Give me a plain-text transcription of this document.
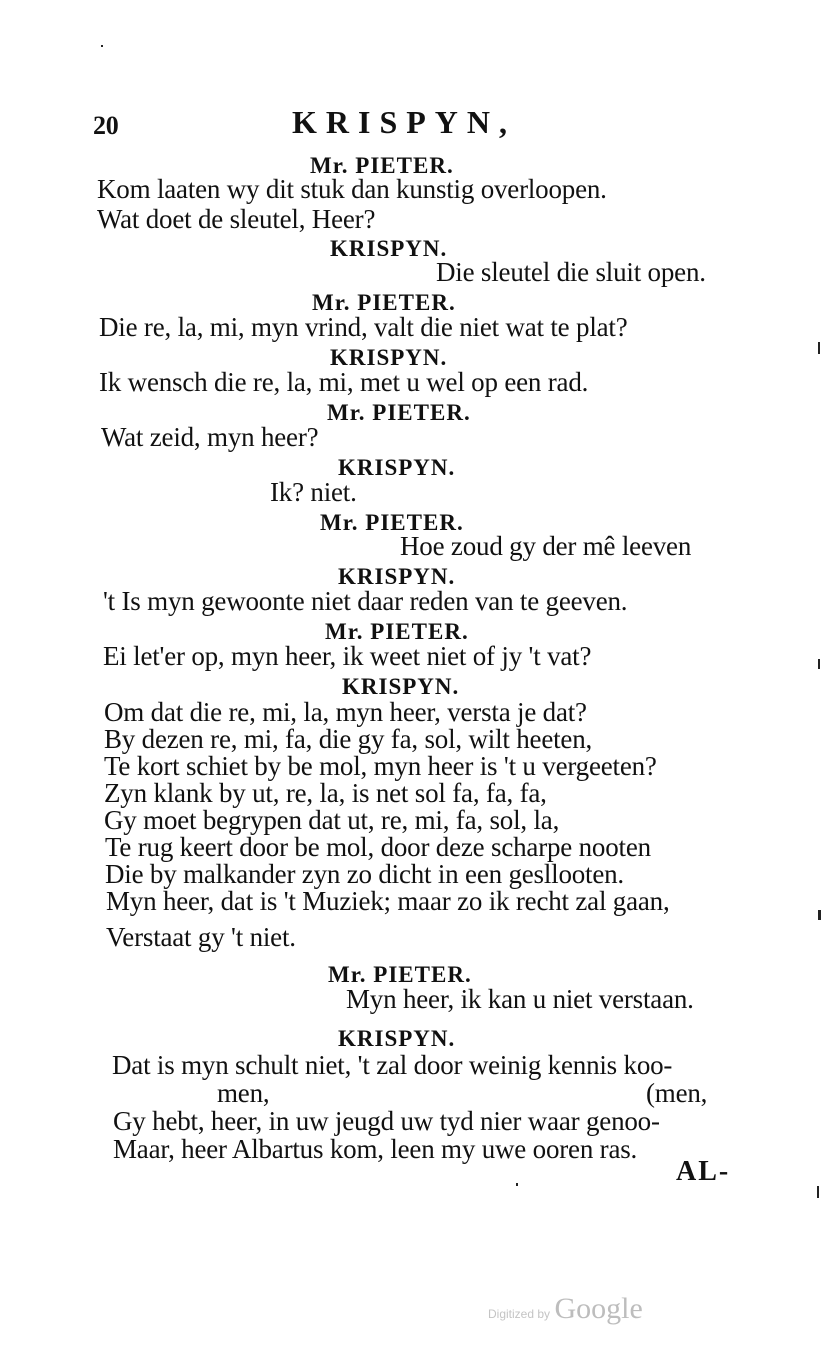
20	KRISPYN,
Mr. PIETER.
Kom laaten wy dit stuk dan kunstig overloopen.
Wat doet de sleutel, Heer?
KRISPYN.
Die sleutel die sluit open.
Mr. PIETER.
Die re, la, mi, myn vrind, valt die niet wat te plat?
KRISPYN.
Ik wensch die re, la, mi, met u wel op een rad.
Mr. PIETER.
Wat zeid, myn heer?
KRISPYN.
Ik? niet.
Mr. PIETER.
Hoe zoud gy der mê leeven
KRISPYN.
't Is myn gewoonte niet daar reden van te geeven.
Mr. PIETER.
Ei let'er op, myn heer, ik weet niet of jy 't vat?
KRISPYN.
Om dat die re, mi, la, myn heer, versta je dat?
By dezen re, mi, fa, die gy fa, sol, wilt heeten,
Te kort schiet by be mol, myn heer is 't u vergeeten?
Zyn klank by ut, re, la, is net sol fa, fa, fa,
Gy moet begrypen dat ut, re, mi, fa, sol, la,
Te rug keert door be mol, door deze scharpe nooten
Die by malkander zyn zo dicht in een gesllooten.
Myn heer, dat is 't Muziek; maar zo ik recht zal gaan,
Verstaat gy 't niet.
Mr. PIETER.
Myn heer, ik kan u niet verstaan.
KRISPYN.
Dat is myn schult niet, 't zal door weinig kennis koo-
men,	(men,
Gy hebt, heer, in uw jeugd uw tyd nier waar genoo-
Maar, heer Albartus kom, leen my uwe ooren ras.
AL-
Digitized by Google
